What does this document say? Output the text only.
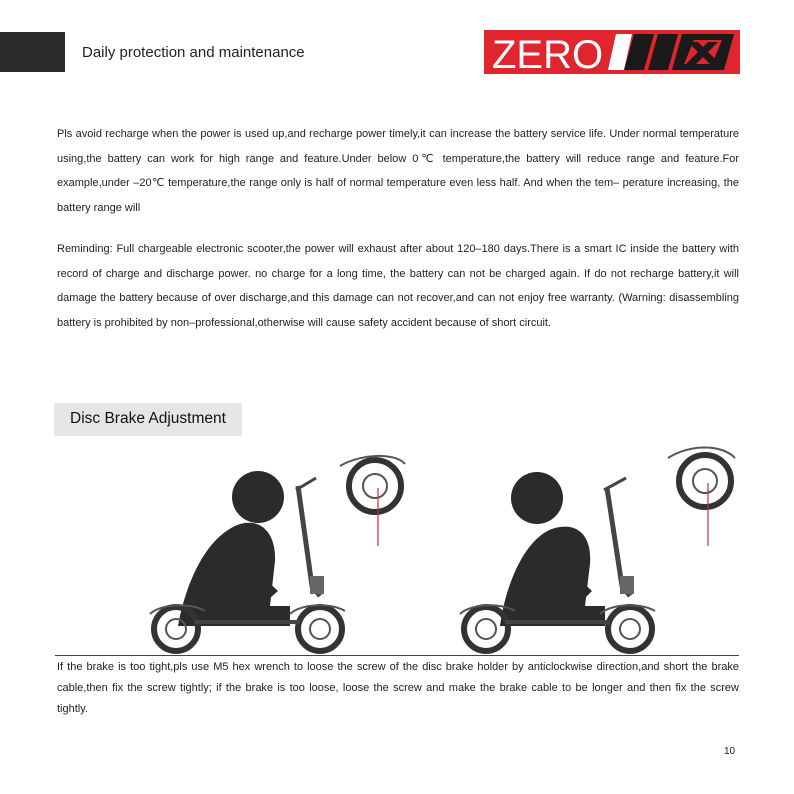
Daily protection and maintenance	ZERO
Pls avoid recharge when the power is used up,and recharge power timely,it can increase the battery service life. Under normal temperature using,the battery can work for high range and feature.Under below 0℃ temperature,the battery will reduce range and feature.For example,under –20℃ temperature,the range only is half of normal temperature even less half. And when the tem– perature increasing, the battery range will
Reminding: Full chargeable electronic scooter,the power will exhaust after about 120–180 days.There is a smart IC inside the battery with record of charge and discharge power. no charge for a long time, the battery can not be charged again. If do not recharge battery,it will damage the battery because of over discharge,and this damage can not recover,and can not enjoy free warranty. (Warning: disassembling battery is prohibited by non–professional,otherwise will cause safety accident because of short circuit.
Disc Brake Adjustment
If the brake is too tight,pls use M5 hex wrench to loose the screw of the disc brake holder by anticlockwise direction,and short the brake cable,then fix the screw tightly; if the brake is too loose, loose the screw and make the brake cable to be longer and then fix the screw tightly.
10
